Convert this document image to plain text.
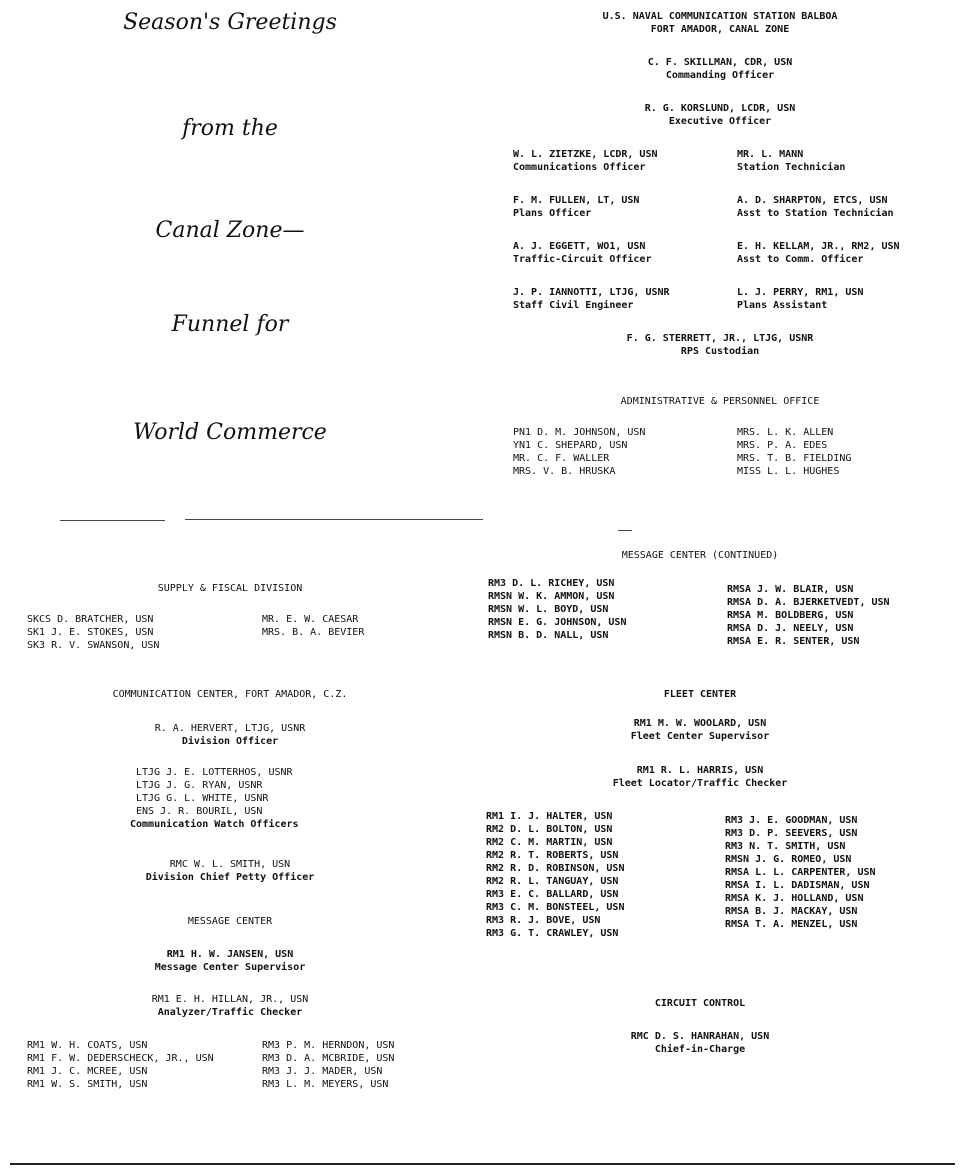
Season's Greetings
from the
Canal Zone—
Funnel for
World Commerce
U.S. NAVAL COMMUNICATION STATION BALBOA
FORT AMADOR, CANAL ZONE
C. F. SKILLMAN, CDR, USN
Commanding Officer
R. G. KORSLUND, LCDR, USN
Executive Officer
W. L. ZIETZKE, LCDR, USN
Communications Officer
MR. L. MANN
Station Technician
F. M. FULLEN, LT, USN
Plans Officer
A. D. SHARPTON, ETCS, USN
Asst to Station Technician
A. J. EGGETT, WO1, USN
Traffic-Circuit Officer
E. H. KELLAM, JR., RM2, USN
Asst to Comm. Officer
J. P. IANNOTTI, LTJG, USNR
Staff Civil Engineer
L. J. PERRY, RM1, USN
Plans Assistant
F. G. STERRETT, JR., LTJG, USNR
RPS Custodian
ADMINISTRATIVE & PERSONNEL OFFICE
PN1 D. M. JOHNSON, USN
YN1 C. SHEPARD, USN
MR. C. F. WALLER
MRS. V. B. HRUSKA
MRS. L. K. ALLEN
MRS. P. A. EDES
MRS. T. B. FIELDING
MISS L. L. HUGHES
SUPPLY & FISCAL DIVISION
SKCS D. BRATCHER, USN
SK1 J. E. STOKES, USN
SK3 R. V. SWANSON, USN
MR. E. W. CAESAR
MRS. B. A. BEVIER
COMMUNICATION CENTER, FORT AMADOR, C.Z.
R. A. HERVERT, LTJG, USNR
Division Officer
LTJG J. E. LOTTERHOS, USNR
LTJG J. G. RYAN, USNR
LTJG G. L. WHITE, USNR
ENS J. R. BOURIL, USN
Communication Watch Officers
RMC W. L. SMITH, USN
Division Chief Petty Officer
MESSAGE CENTER
RM1 H. W. JANSEN, USN
Message Center Supervisor
RM1 E. H. HILLAN, JR., USN
Analyzer/Traffic Checker
RM1 W. H. COATS, USN
RM1 F. W. DEDERSCHECK, JR., USN
RM1 J. C. MCREE, USN
RM1 W. S. SMITH, USN
RM3 P. M. HERNDON, USN
RM3 D. A. MCBRIDE, USN
RM3 J. J. MADER, USN
RM3 L. M. MEYERS, USN
MESSAGE CENTER (CONTINUED)
RM3 D. L. RICHEY, USN
RMSN W. K. AMMON, USN
RMSN W. L. BOYD, USN
RMSN E. G. JOHNSON, USN
RMSN B. D. NALL, USN
RMSA J. W. BLAIR, USN
RMSA D. A. BJERKETVEDT, USN
RMSA M. BOLDBERG, USN
RMSA D. J. NEELY, USN
RMSA E. R. SENTER, USN
FLEET CENTER
RM1 M. W. WOOLARD, USN
Fleet Center Supervisor
RM1 R. L. HARRIS, USN
Fleet Locator/Traffic Checker
RM1 I. J. HALTER, USN
RM2 D. L. BOLTON, USN
RM2 C. M. MARTIN, USN
RM2 R. T. ROBERTS, USN
RM2 R. D. ROBINSON, USN
RM2 R. L. TANGUAY, USN
RM3 E. C. BALLARD, USN
RM3 C. M. BONSTEEL, USN
RM3 R. J. BOVE, USN
RM3 G. T. CRAWLEY, USN
RM3 J. E. GOODMAN, USN
RM3 D. P. SEEVERS, USN
RM3 N. T. SMITH, USN
RMSN J. G. ROMEO, USN
RMSA L. L. CARPENTER, USN
RMSA I. L. DADISMAN, USN
RMSA K. J. HOLLAND, USN
RMSA B. J. MACKAY, USN
RMSA T. A. MENZEL, USN
CIRCUIT CONTROL
RMC D. S. HANRAHAN, USN
Chief-in-Charge
